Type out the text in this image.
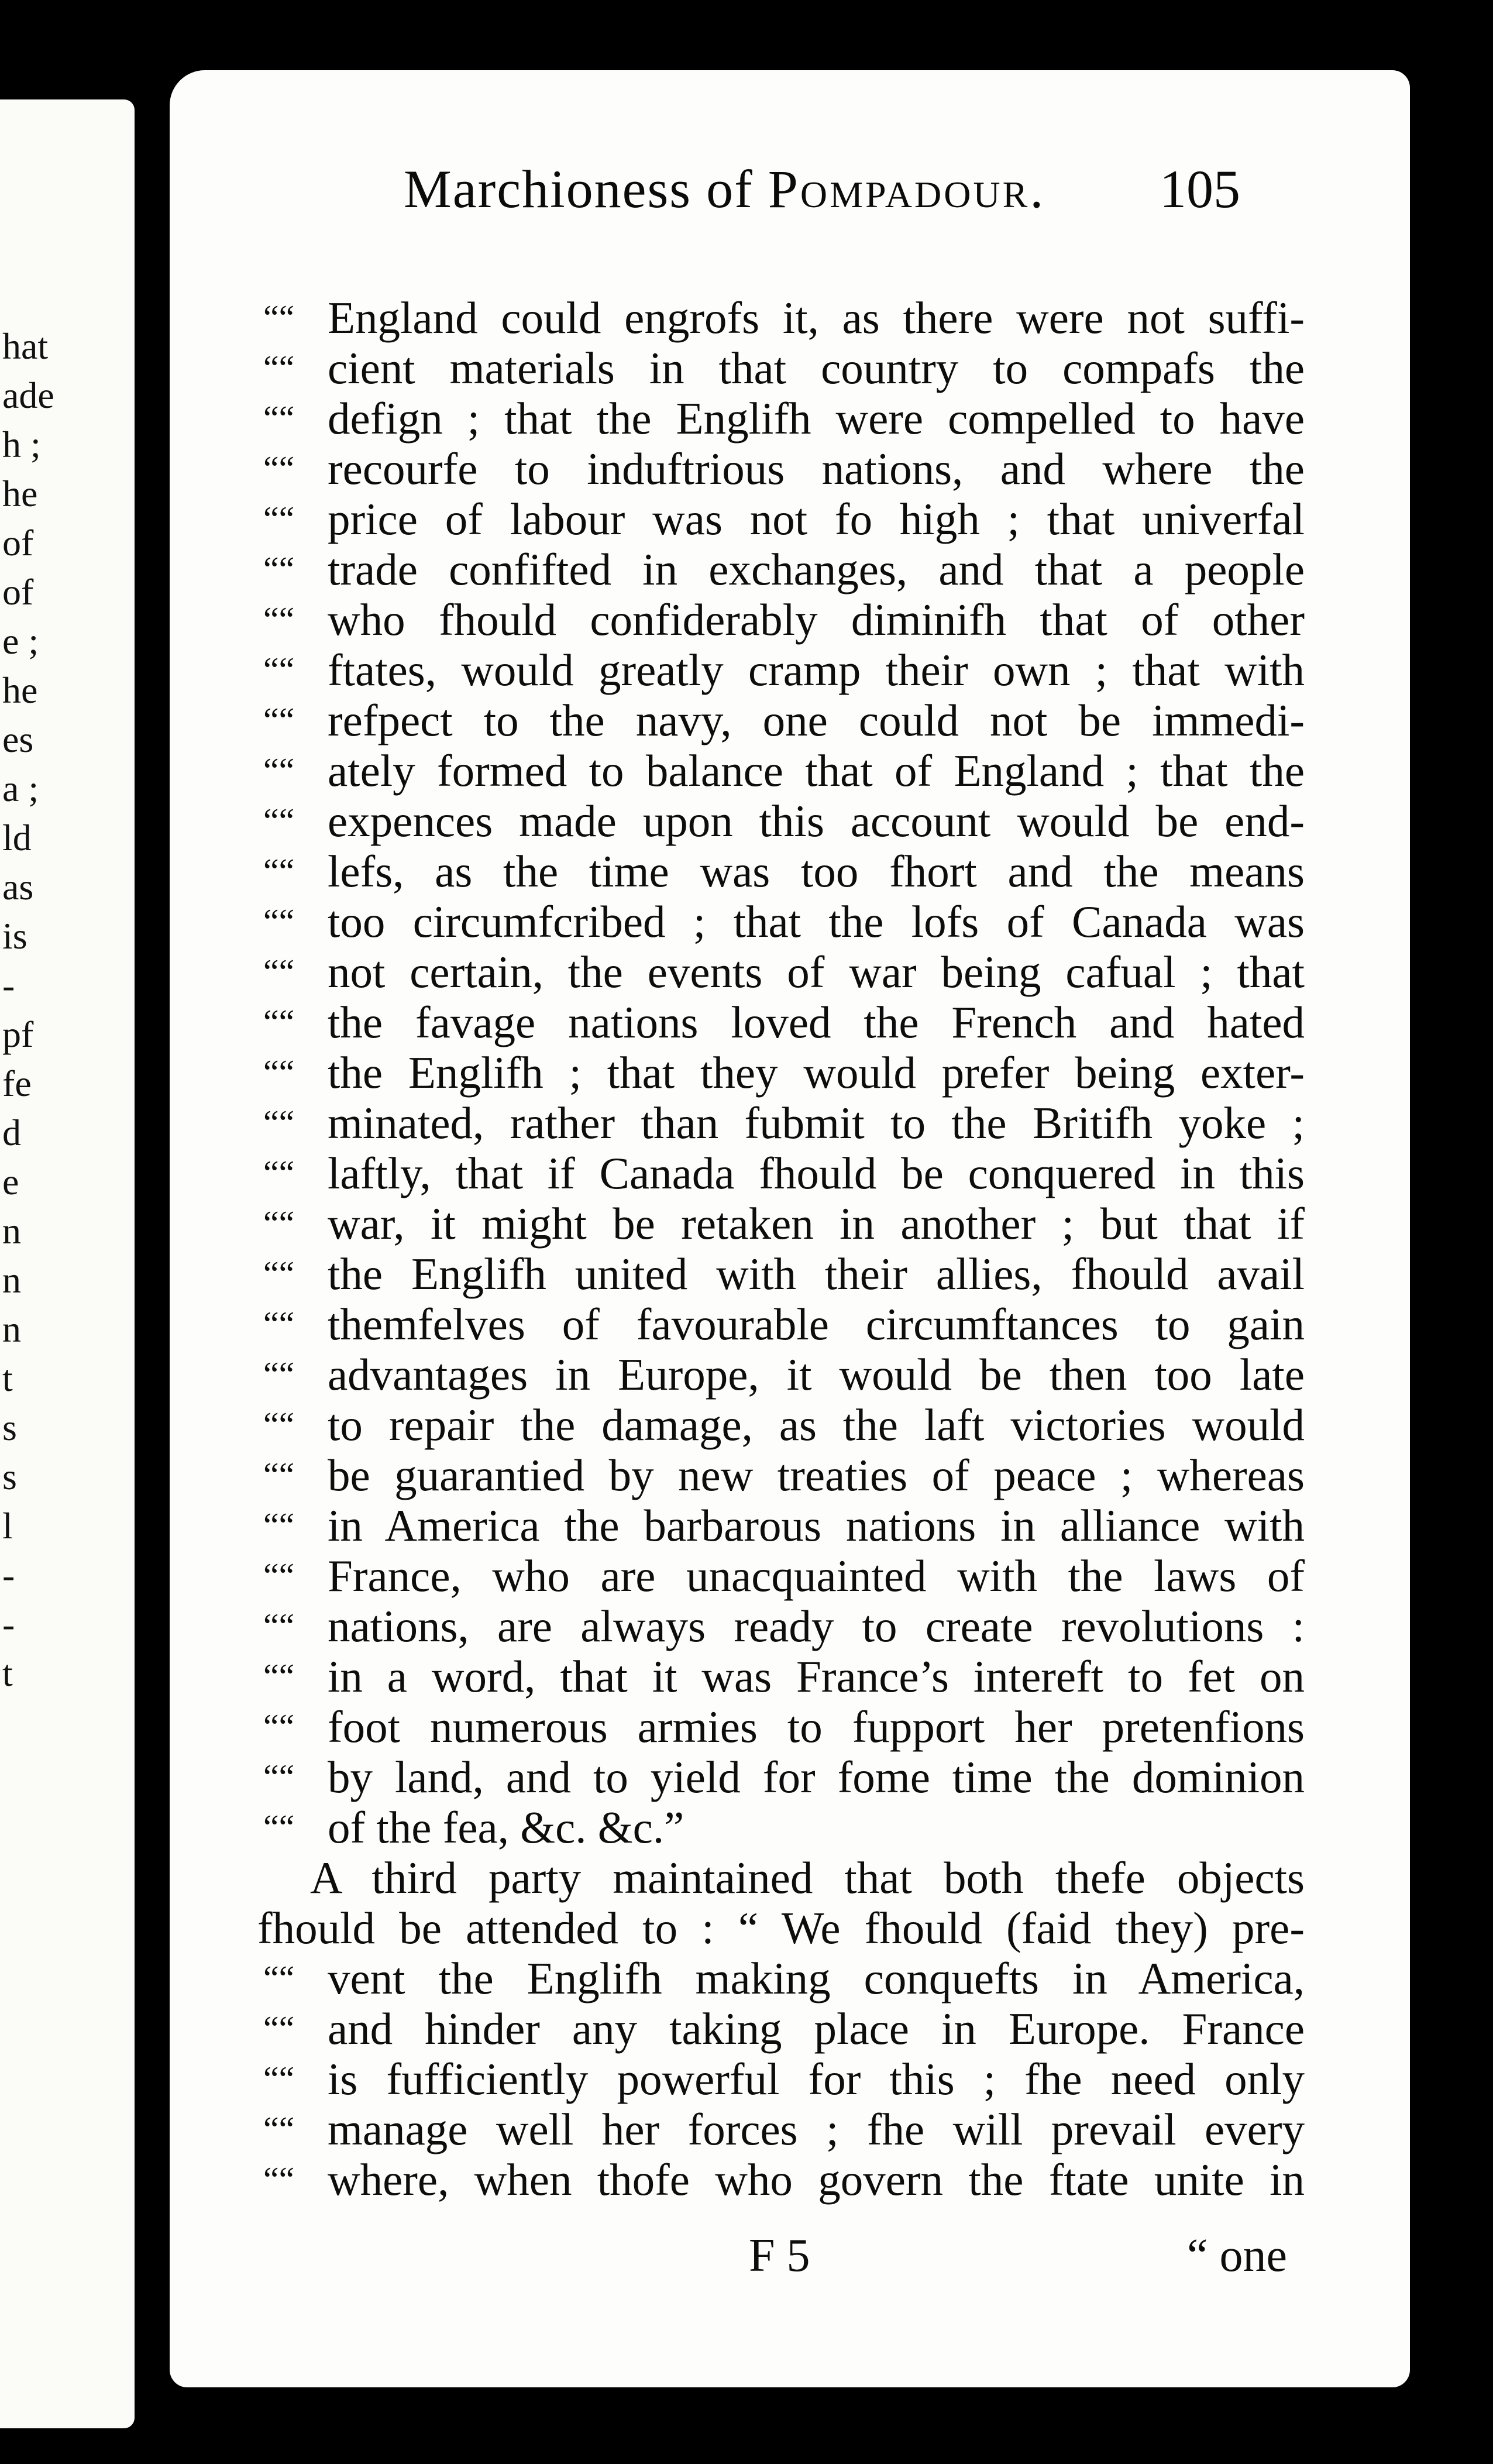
hat
ade
h ;
he
of
of
e ;
he
es
a ;
ld
as
is
-
pf
fe
d
e
n
n
n
t
s
s
l
-
-
t
Marchioness of Pompadour. 105
““ England could engrofs it, as there were not suffi-
““ cient materials in that country to compafs the
““ defign ; that the Englifh were compelled to have
““ recourfe to induftrious nations, and where the
““ price of labour was not fo high ; that univerfal
““ trade confifted in exchanges, and that a people
““ who fhould confiderably diminifh that of other
““ ftates, would greatly cramp their own ; that with
““ refpect to the navy, one could not be immedi-
““ ately formed to balance that of England ; that the
““ expences made upon this account would be end-
““ lefs, as the time was too fhort and the means
““ too circumfcribed ; that the lofs of Canada was
““ not certain, the events of war being cafual ; that
““ the favage nations loved the French and hated
““ the Englifh ; that they would prefer being exter-
““ minated, rather than fubmit to the Britifh yoke ;
““ laftly, that if Canada fhould be conquered in this
““ war, it might be retaken in another ; but that if
““ the Englifh united with their allies, fhould avail
““ themfelves of favourable circumftances to gain
““ advantages in Europe, it would be then too late
““ to repair the damage, as the laft victories would
““ be guarantied by new treaties of peace ; whereas
““ in America the barbarous nations in alliance with
““ France, who are unacquainted with the laws of
““ nations, are always ready to create revolutions :
““ in a word, that it was France’s intereft to fet on
““ foot numerous armies to fupport her pretenfions
““ by land, and to yield for fome time the dominion
““ of the fea, &c. &c.”
A third party maintained that both thefe objects
fhould be attended to : “ We fhould (faid they) pre-
““ vent the Englifh making conquefts in America,
““ and hinder any taking place in Europe. France
““ is fufficiently powerful for this ; fhe need only
““ manage well her forces ; fhe will prevail every
““ where, when thofe who govern the ftate unite in
F 5	“ one
